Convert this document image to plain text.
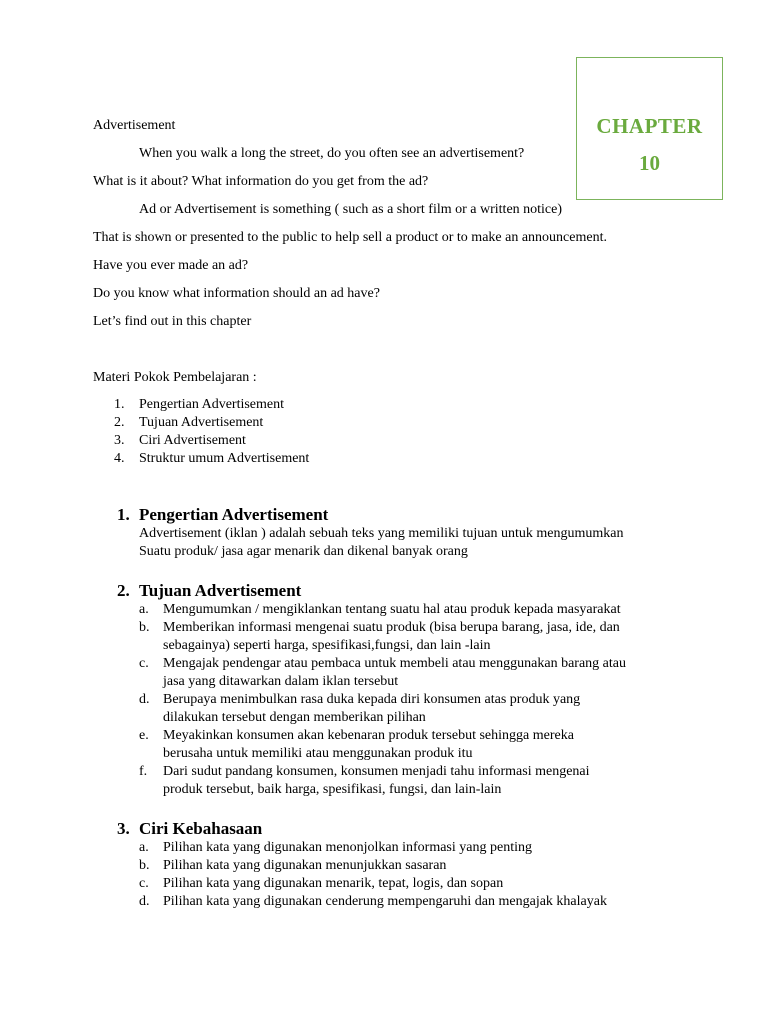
CHAPTER
10

Advertisement

When you walk a long the street, do you often see an advertisement?

What is it about? What information do you get from the ad?

Ad or Advertisement is something ( such as a short film or a written notice)

That is shown or presented to the public to help sell a product or to make an announcement.

Have you ever made an ad?

Do you know what information should an ad have?

Let’s find out in this chapter

Materi Pokok Pembelajaran :

1. Pengertian Advertisement
2. Tujuan Advertisement
3. Ciri Advertisement
4. Struktur umum Advertisement
1. Pengertian Advertisement
Advertisement (iklan ) adalah sebuah teks yang memiliki tujuan untuk mengumumkan
Suatu produk/ jasa agar menarik dan dikenal banyak orang
2. Tujuan Advertisement
a. Mengumumkan / mengiklankan tentang suatu hal atau produk kepada masyarakat
b. Memberikan informasi mengenai suatu produk (bisa berupa barang, jasa, ide, dan
sebagainya) seperti harga, spesifikasi,fungsi, dan lain -lain
c. Mengajak pendengar atau pembaca untuk membeli atau menggunakan barang atau
jasa yang ditawarkan dalam iklan tersebut
d. Berupaya menimbulkan rasa duka kepada diri konsumen atas produk yang
dilakukan tersebut dengan memberikan pilihan
e. Meyakinkan konsumen akan kebenaran produk tersebut sehingga mereka
berusaha untuk memiliki atau menggunakan produk itu
f. Dari sudut pandang konsumen, konsumen menjadi tahu informasi mengenai
produk tersebut, baik harga, spesifikasi, fungsi, dan lain-lain
3. Ciri Kebahasaan
a. Pilihan kata yang digunakan menonjolkan informasi yang penting
b. Pilihan kata yang digunakan menunjukkan sasaran
c. Pilihan kata yang digunakan menarik, tepat, logis, dan sopan
d. Pilihan kata yang digunakan cenderung mempengaruhi dan mengajak khalayak
